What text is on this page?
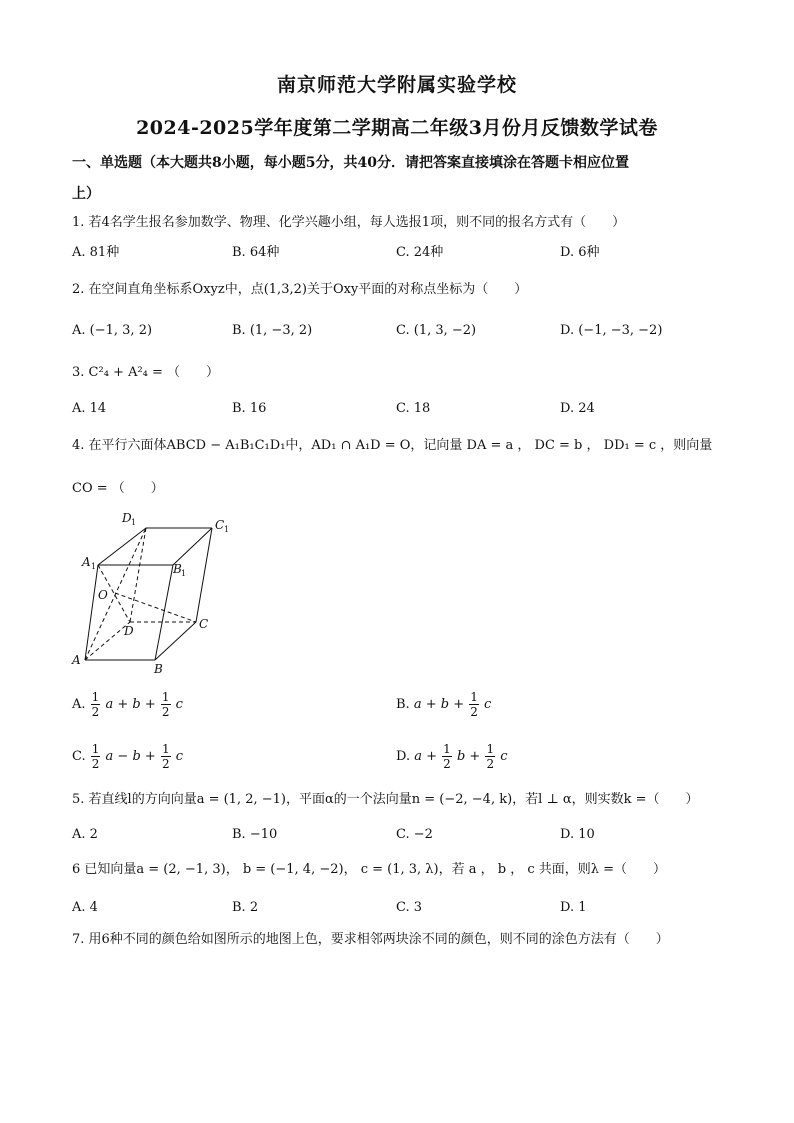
南京师范大学附属实验学校
2024-2025学年度第二学期高二年级3月份月反馈数学试卷
一、单选题（本大题共8小题，每小题5分，共40分．请把答案直接填涂在答题卡相应位置
上）
1. 若4名学生报名参加数学、物理、化学兴趣小组，每人选报1项，则不同的报名方式有（　　）
A. 81种	B. 64种	C. 24种	D. 6种
2. 在空间直角坐标系Oxyz中，点(1,3,2)关于Oxy平面的对称点坐标为（　　）
A. (−1, 3, 2)	B. (1, −3, 2)	C. (1, 3, −2)	D. (−1, −3, −2)
3. C²₄ + A²₄ = （　　）
A. 14	B. 16	C. 18	D. 24
4. 在平行六面体ABCD − A₁B₁C₁D₁中，AD₁ ∩ A₁D = O，记向量 DA = a ， DC = b ， DD₁ = c ，则向量
CO = （　　）
A
B
C
D
A	B
C
D
O
1
1
1
1
A. $\frac{1}{2}$ $a + b + \frac{1}{2}$ c	B. $a + b + \frac{1}{2}$ c
C. $\frac{1}{2}$ $a - b + \frac{1}{2}$ c	D. $a + \frac{1}{2}$ $b + \frac{1}{2}$ c
5. 若直线l的方向向量a = (1, 2, −1)，平面α的一个法向量n = (−2, −4, k)，若l ⊥ α，则实数k =（　　）
A. 2	B. −10	C. −2	D. 10
6 已知向量a = (2, −1, 3)， b = (−1, 4, −2)， c = (1, 3, λ)，若 a ， b ， c 共面，则λ =（　　）
A. 4	B. 2	C. 3	D. 1
7. 用6种不同的颜色给如图所示的地图上色，要求相邻两块涂不同的颜色，则不同的涂色方法有（　　）
